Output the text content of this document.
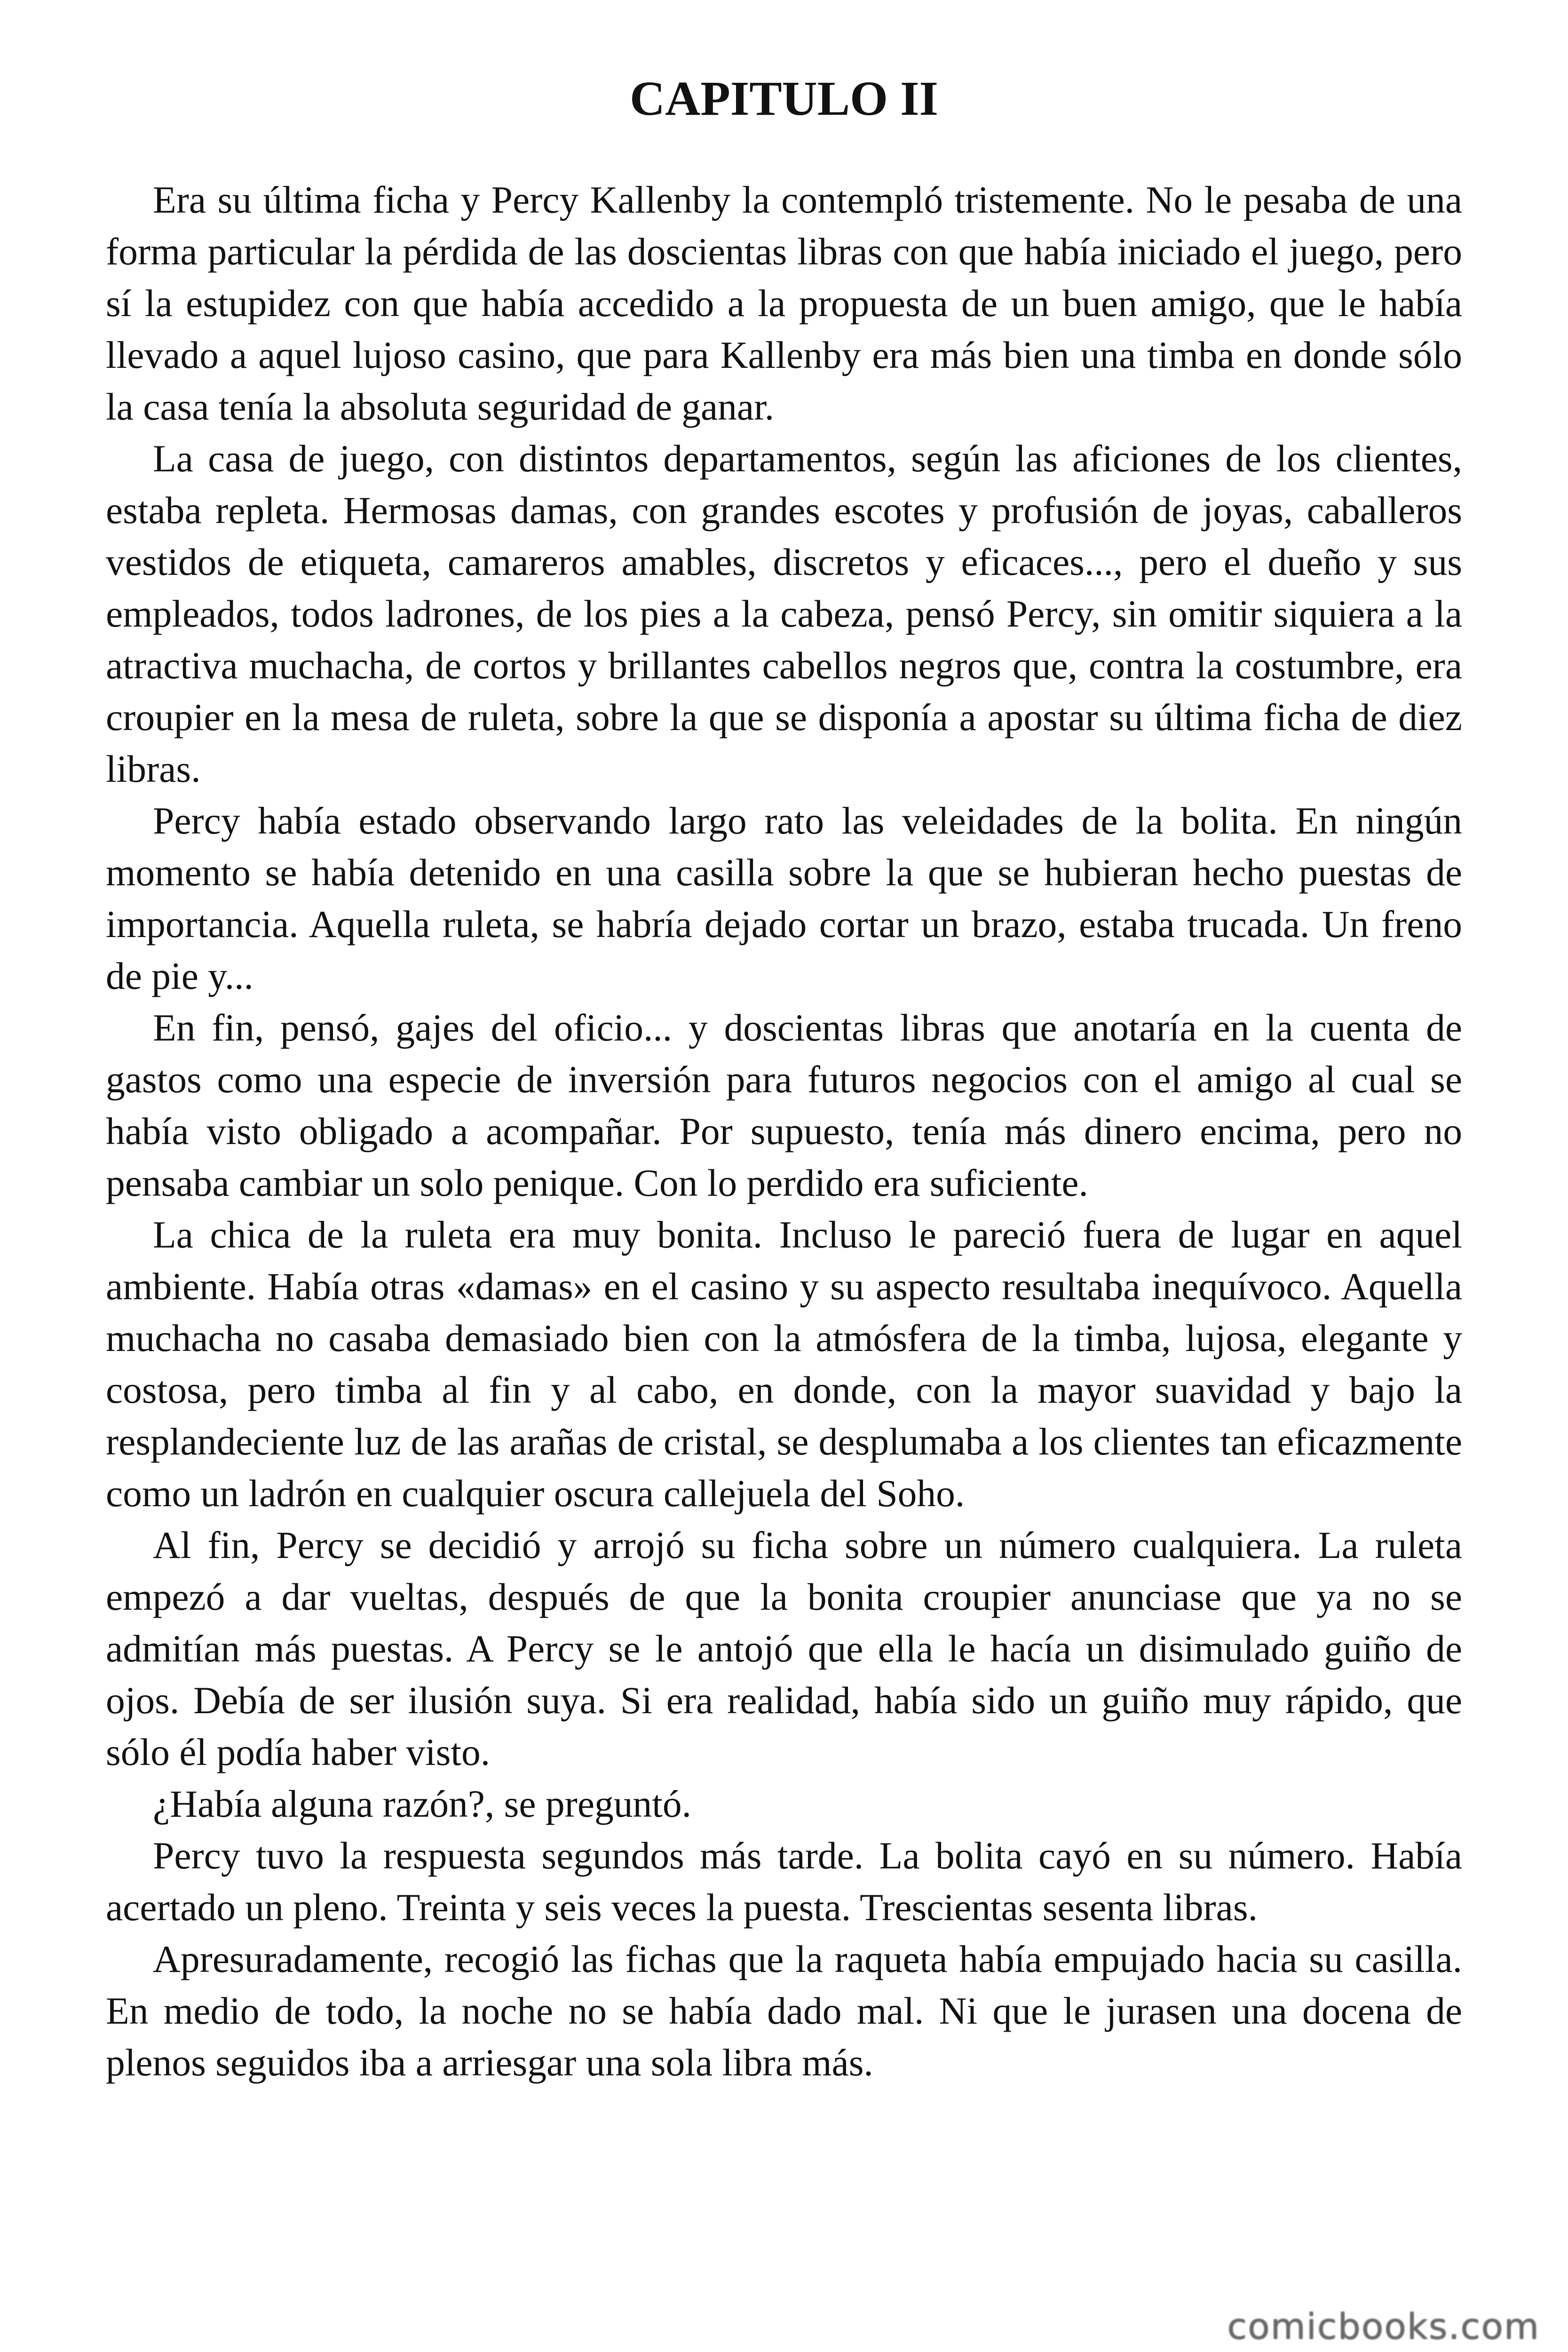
CAPITULO II

Era su última ficha y Percy Kallenby la contempló tristemente. No le pesaba de una forma particular la pérdida de las doscientas libras con que había iniciado el juego, pero sí la estupidez con que había accedido a la propuesta de un buen amigo, que le había llevado a aquel lujoso casino, que para Kallenby era más bien una timba en donde sólo la casa tenía la absoluta seguridad de ganar.

La casa de juego, con distintos departamentos, según las aficiones de los clientes, estaba repleta. Hermosas damas, con grandes escotes y profusión de joyas, caballeros vestidos de etiqueta, camareros amables, discretos y eficaces..., pero el dueño y sus empleados, todos ladrones, de los pies a la cabeza, pensó Percy, sin omitir siquiera a la atractiva muchacha, de cortos y brillantes cabellos negros que, contra la costumbre, era croupier en la mesa de ruleta, sobre la que se disponía a apostar su última ficha de diez libras.

Percy había estado observando largo rato las veleidades de la bolita. En ningún momento se había detenido en una casilla sobre la que se hubieran hecho puestas de importancia. Aquella ruleta, se habría dejado cortar un brazo, estaba trucada. Un freno de pie y...

En fin, pensó, gajes del oficio... y doscientas libras que anotaría en la cuenta de gastos como una especie de inversión para futuros negocios con el amigo al cual se había visto obligado a acompañar. Por supuesto, tenía más dinero encima, pero no pensaba cambiar un solo penique. Con lo perdido era suficiente.

La chica de la ruleta era muy bonita. Incluso le pareció fuera de lugar en aquel ambiente. Había otras «damas» en el casino y su aspecto resultaba inequívoco. Aquella muchacha no casaba demasiado bien con la atmósfera de la timba, lujosa, elegante y costosa, pero timba al fin y al cabo, en donde, con la mayor suavidad y bajo la resplandeciente luz de las arañas de cristal, se desplumaba a los clientes tan eficazmente como un ladrón en cualquier oscura callejuela del Soho.

Al fin, Percy se decidió y arrojó su ficha sobre un número cualquiera. La ruleta empezó a dar vueltas, después de que la bonita croupier anunciase que ya no se admitían más puestas. A Percy se le antojó que ella le hacía un disimulado guiño de ojos. Debía de ser ilusión suya. Si era realidad, había sido un guiño muy rápido, que sólo él podía haber visto.

¿Había alguna razón?, se preguntó.

Percy tuvo la respuesta segundos más tarde. La bolita cayó en su número. Había acertado un pleno. Treinta y seis veces la puesta. Trescientas sesenta libras.

Apresuradamente, recogió las fichas que la raqueta había empujado hacia su casilla. En medio de todo, la noche no se había dado mal. Ni que le jurasen una docena de plenos seguidos iba a arriesgar una sola libra más.

comicbooks.com
